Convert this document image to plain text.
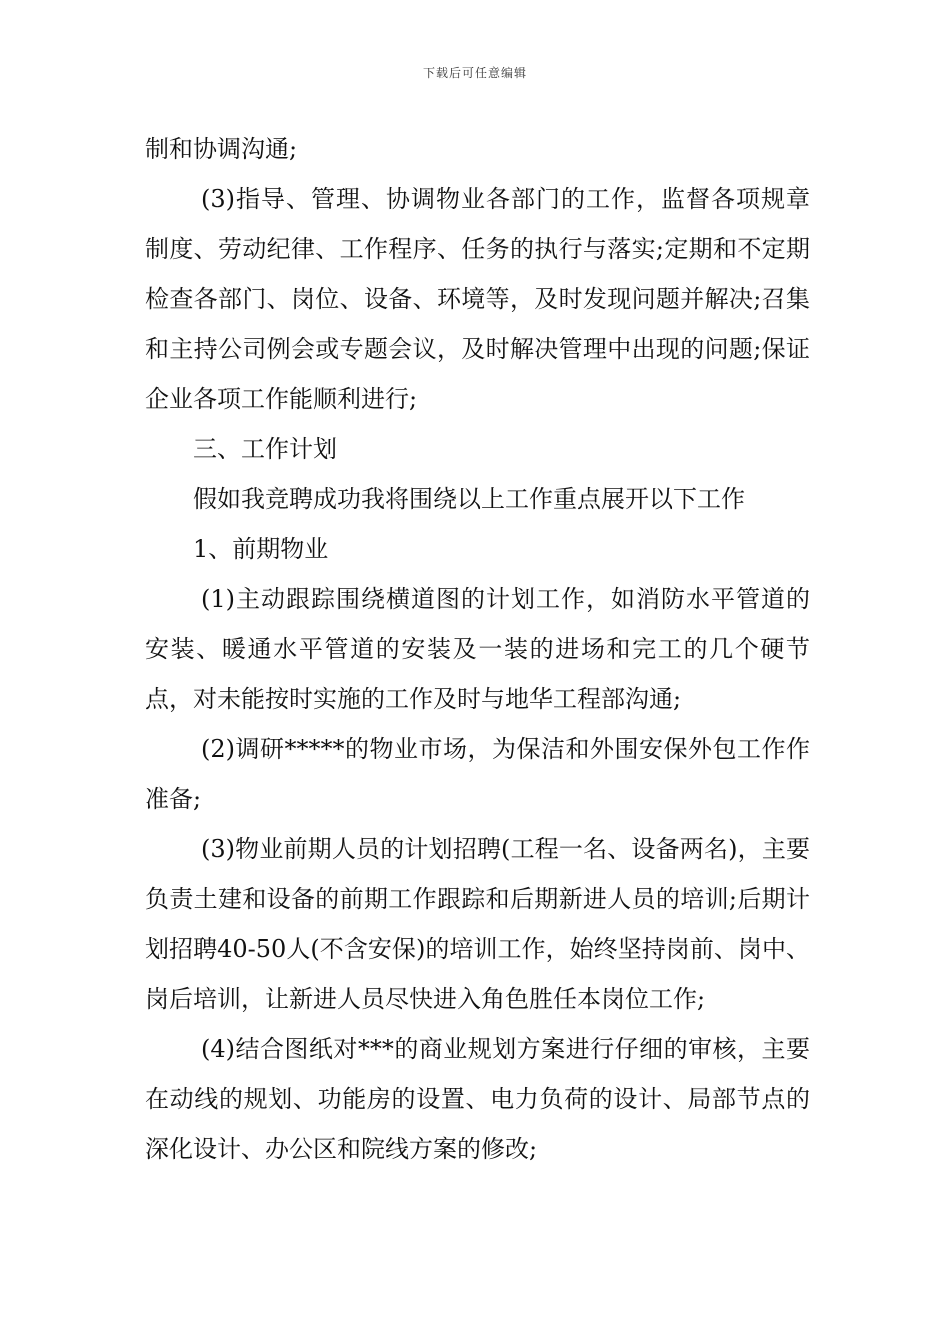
下载后可任意编辑

制和协调沟通;

(3)指导、管理、协调物业各部门的工作，监督各项规章制度、劳动纪律、工作程序、任务的执行与落实;定期和不定期检查各部门、岗位、设备、环境等，及时发现问题并解决;召集和主持公司例会或专题会议，及时解决管理中出现的问题;保证企业各项工作能顺利进行;

三、工作计划

假如我竞聘成功我将围绕以上工作重点展开以下工作

1、前期物业

(1)主动跟踪围绕横道图的计划工作，如消防水平管道的安装、暖通水平管道的安装及一装的进场和完工的几个硬节点，对未能按时实施的工作及时与地华工程部沟通;

(2)调研*****的物业市场，为保洁和外围安保外包工作作准备;

(3)物业前期人员的计划招聘(工程一名、设备两名)，主要负责土建和设备的前期工作跟踪和后期新进人员的培训;后期计划招聘40-50人(不含安保)的培训工作，始终坚持岗前、岗中、岗后培训，让新进人员尽快进入角色胜任本岗位工作;

(4)结合图纸对***的商业规划方案进行仔细的审核，主要在动线的规划、功能房的设置、电力负荷的设计、局部节点的深化设计、办公区和院线方案的修改;
